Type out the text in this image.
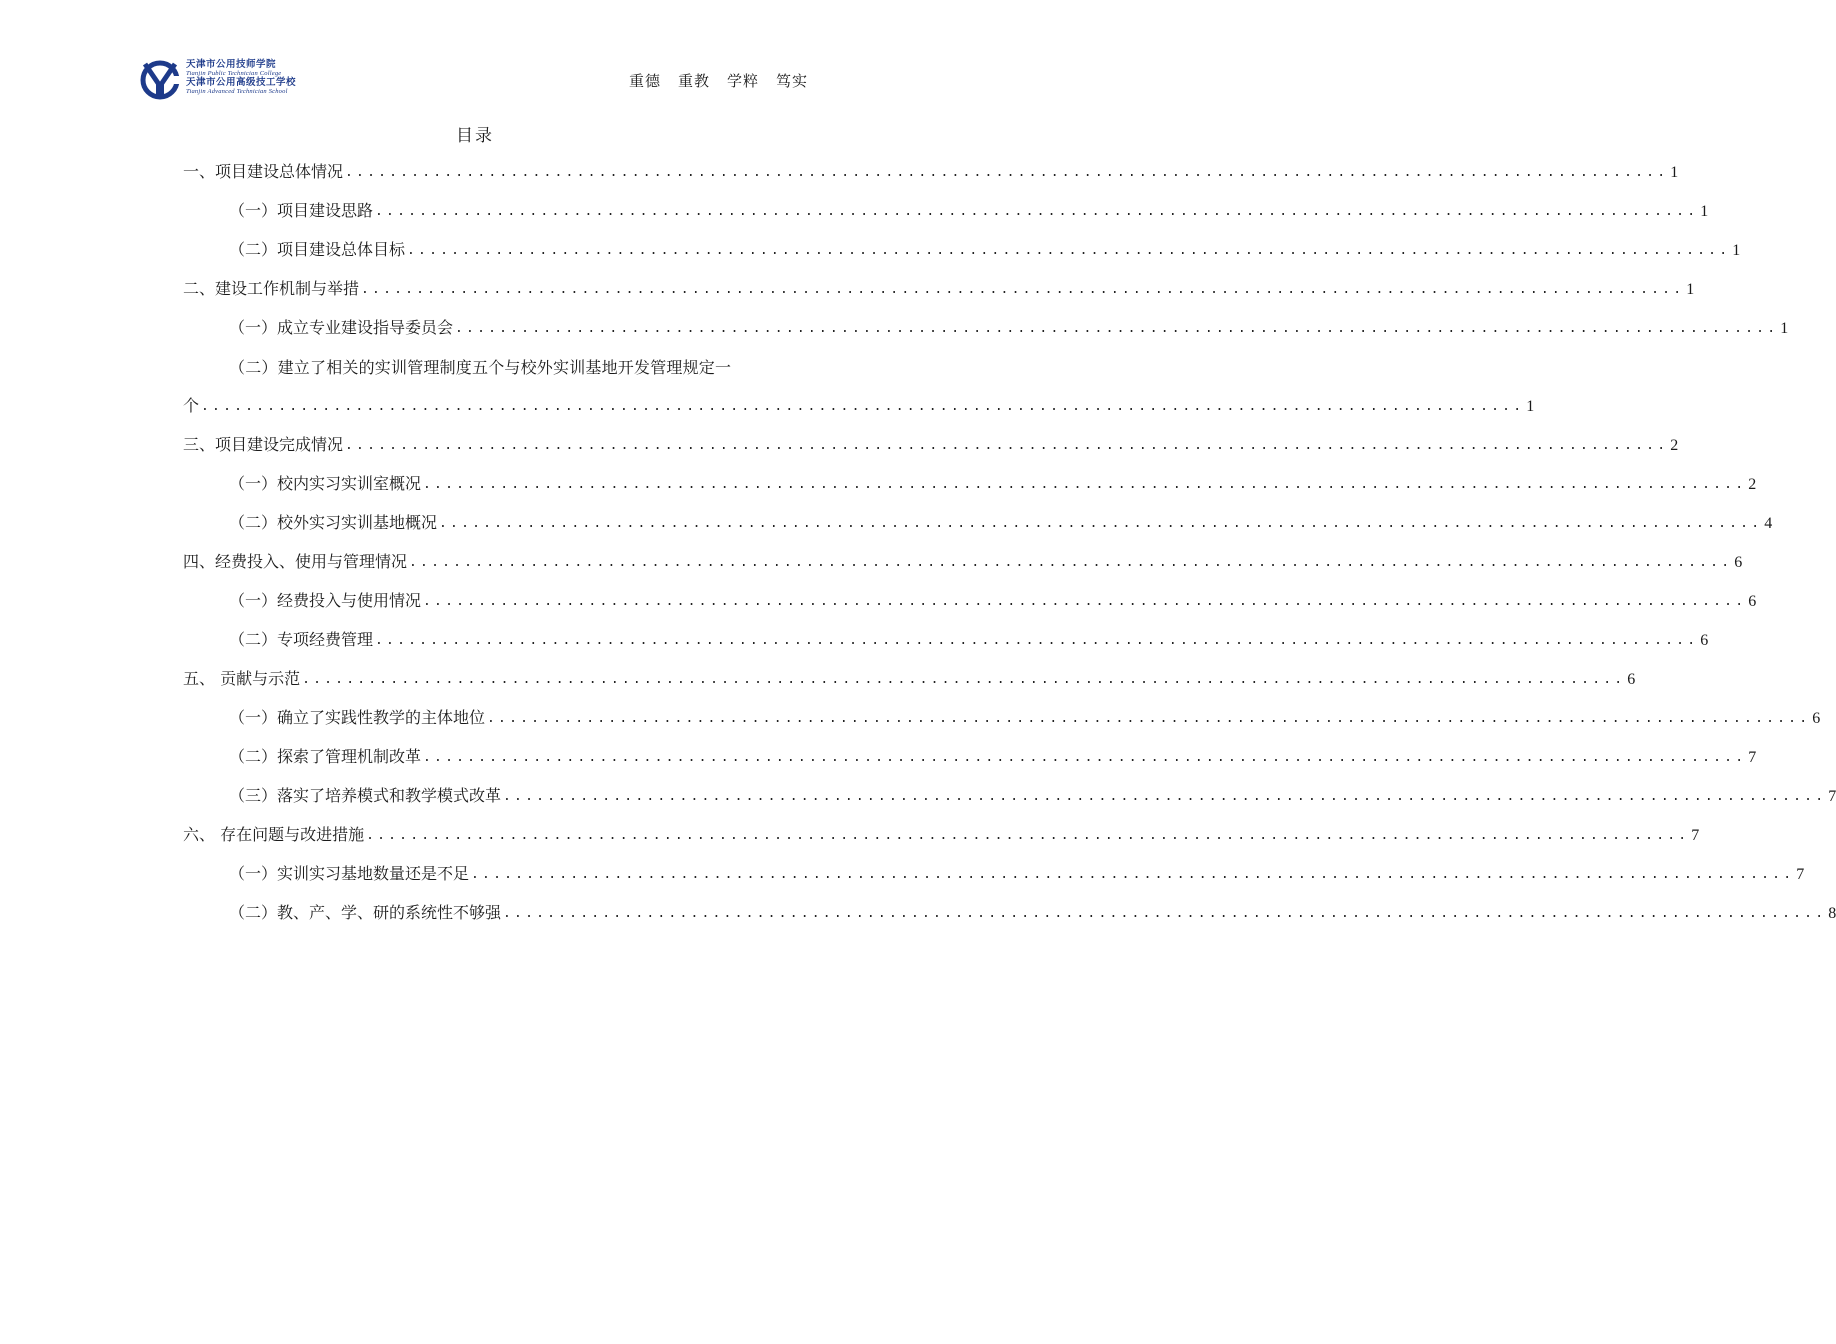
天津市公用技师学院
Tianjin Public Technician College
天津市公用高级技工学校
Tianjin Advanced Technician School
重德 重教 学粹 笃实
目录
一、项目建设总体情况 ........................................................................................................................ 1
（一）项目建设思路 ........................................................................................................................ 1
（二）项目建设总体目标 ........................................................................................................................ 1
二、建设工作机制与举措 ........................................................................................................................ 1
（一）成立专业建设指导委员会 ........................................................................................................................ 1
（二）建立了相关的实训管理制度五个与校外实训基地开发管理规定一
个 ........................................................................................................................ 1
三、项目建设完成情况 ........................................................................................................................ 2
（一）校内实习实训室概况 ........................................................................................................................ 2
（二）校外实习实训基地概况 ........................................................................................................................ 4
四、经费投入、使用与管理情况 ........................................................................................................................ 6
（一）经费投入与使用情况 ........................................................................................................................ 6
（二）专项经费管理 ........................................................................................................................ 6
五、 贡献与示范 ........................................................................................................................ 6
（一）确立了实践性教学的主体地位 ........................................................................................................................ 6
（二）探索了管理机制改革 ........................................................................................................................ 7
（三）落实了培养模式和教学模式改革 ........................................................................................................................ 7
六、 存在问题与改进措施 ........................................................................................................................ 7
（一）实训实习基地数量还是不足 ........................................................................................................................ 7
（二）教、产、学、研的系统性不够强 ........................................................................................................................ 8
